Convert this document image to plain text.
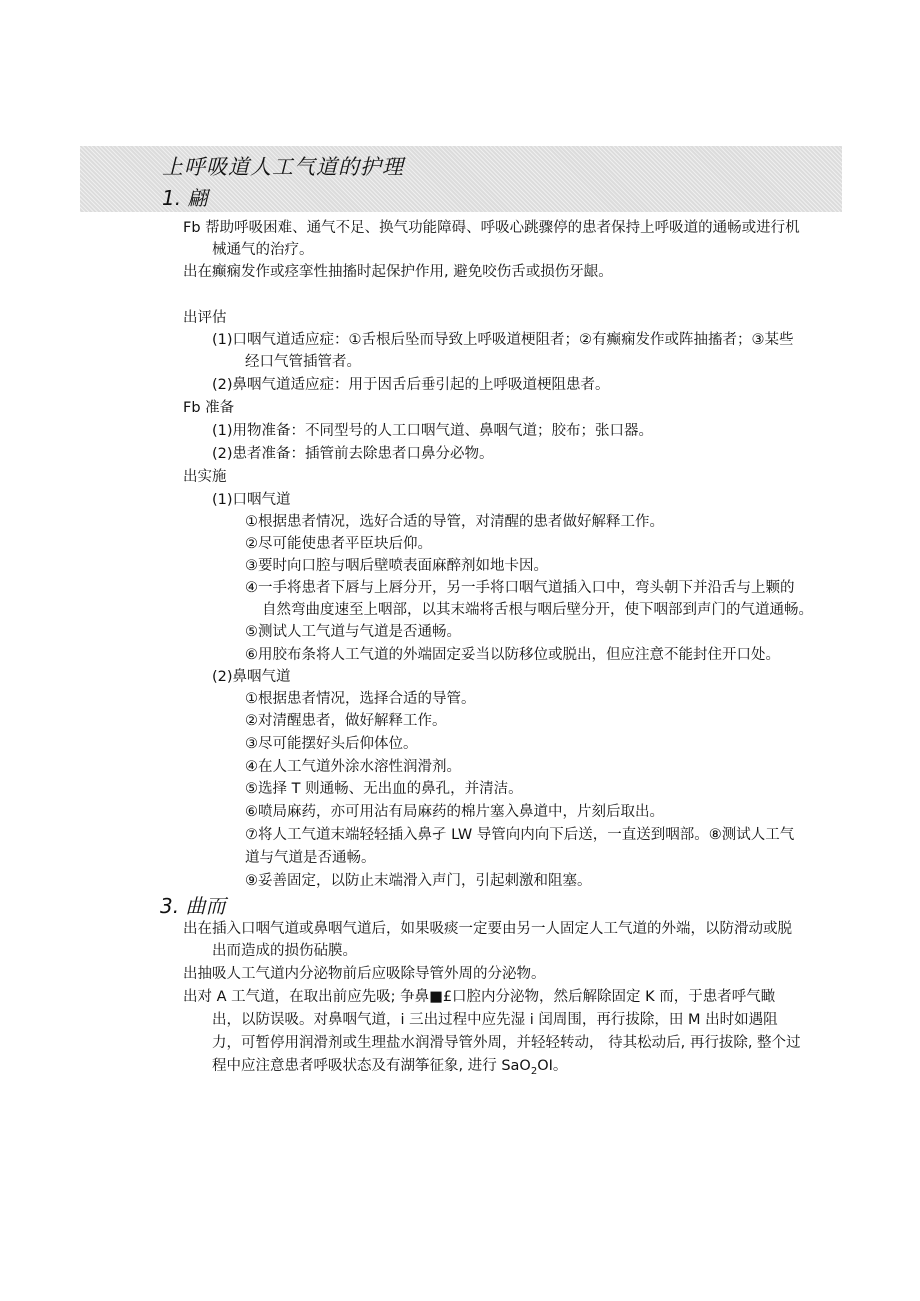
上呼吸道人工气道的护理
1. 翩
Fb 帮助呼吸困难、通气不足、换气功能障碍、呼吸心跳骤停的患者保持上呼吸道的通畅或进行机
械通气的治疗。
出在癫痫发作或痉挛性抽搐时起保护作用, 避免咬伤舌或损伤牙龈。
出评估
(1)口咽气道适应症：①舌根后坠而导致上呼吸道梗阻者；②有癫痫发作或阵抽搐者；③某些
经口气管插管者。
(2)鼻咽气道适应症：用于因舌后垂引起的上呼吸道梗阻患者。
Fb 准备
(1)用物准备：不同型号的人工口咽气道、鼻咽气道；胶布；张口器。
(2)患者准备：插管前去除患者口鼻分必物。
出实施
(1)口咽气道
①根据患者情况，选好合适的导管，对清醒的患者做好解释工作。
②尽可能使患者平臣块后仰。
③要时向口腔与咽后壁喷表面麻醉剂如地卡因。
④一手将患者下唇与上唇分开，另一手将口咽气道插入口中，弯头朝下并沿舌与上颗的
自然弯曲度速至上咽部，以其末端将舌根与咽后壁分开，使下咽部到声门的气道通畅。
⑤测试人工气道与气道是否通畅。
⑥用胶布条将人工气道的外端固定妥当以防移位或脱出，但应注意不能封住开口处。
(2)鼻咽气道
①根据患者情况，选择合适的导管。
②对清醒患者，做好解释工作。
③尽可能摆好头后仰体位。
④在人工气道外涂水溶性润滑剂。
⑤选择 T 则通畅、无出血的鼻孔，并清洁。
⑥喷局麻药，亦可用沾有局麻药的棉片塞入鼻道中，片刻后取出。
⑦将人工气道末端轻轻插入鼻孑 LW 导管向内向下后送，一直送到咽部。⑧测试人工气
道与气道是否通畅。
⑨妥善固定，以防止末端滑入声门，引起刺激和阻塞。
3. 曲而
出在插入口咽气道或鼻咽气道后，如果吸痰一定要由另一人固定人工气道的外端，以防滑动或脱
出而造成的损伤砧膜。
出抽吸人工气道内分泌物前后应吸除导管外周的分泌物。
出对 A 工气道，在取出前应先吸; 争鼻■£口腔内分泌物，然后解除固定 K 而，于患者呼气瞰
出，以防误吸。对鼻咽气道，i 三出过程中应先湿 i 闰周围，再行拔除，田 M 出时如遇阻
力，可暂停用润滑剂或生理盐水润滑导管外周，并轻轻转动， 待其松动后, 再行拔除, 整个过
程中应注意患者呼吸状态及有湖筝征象, 进行 SaO$_2$OI。
